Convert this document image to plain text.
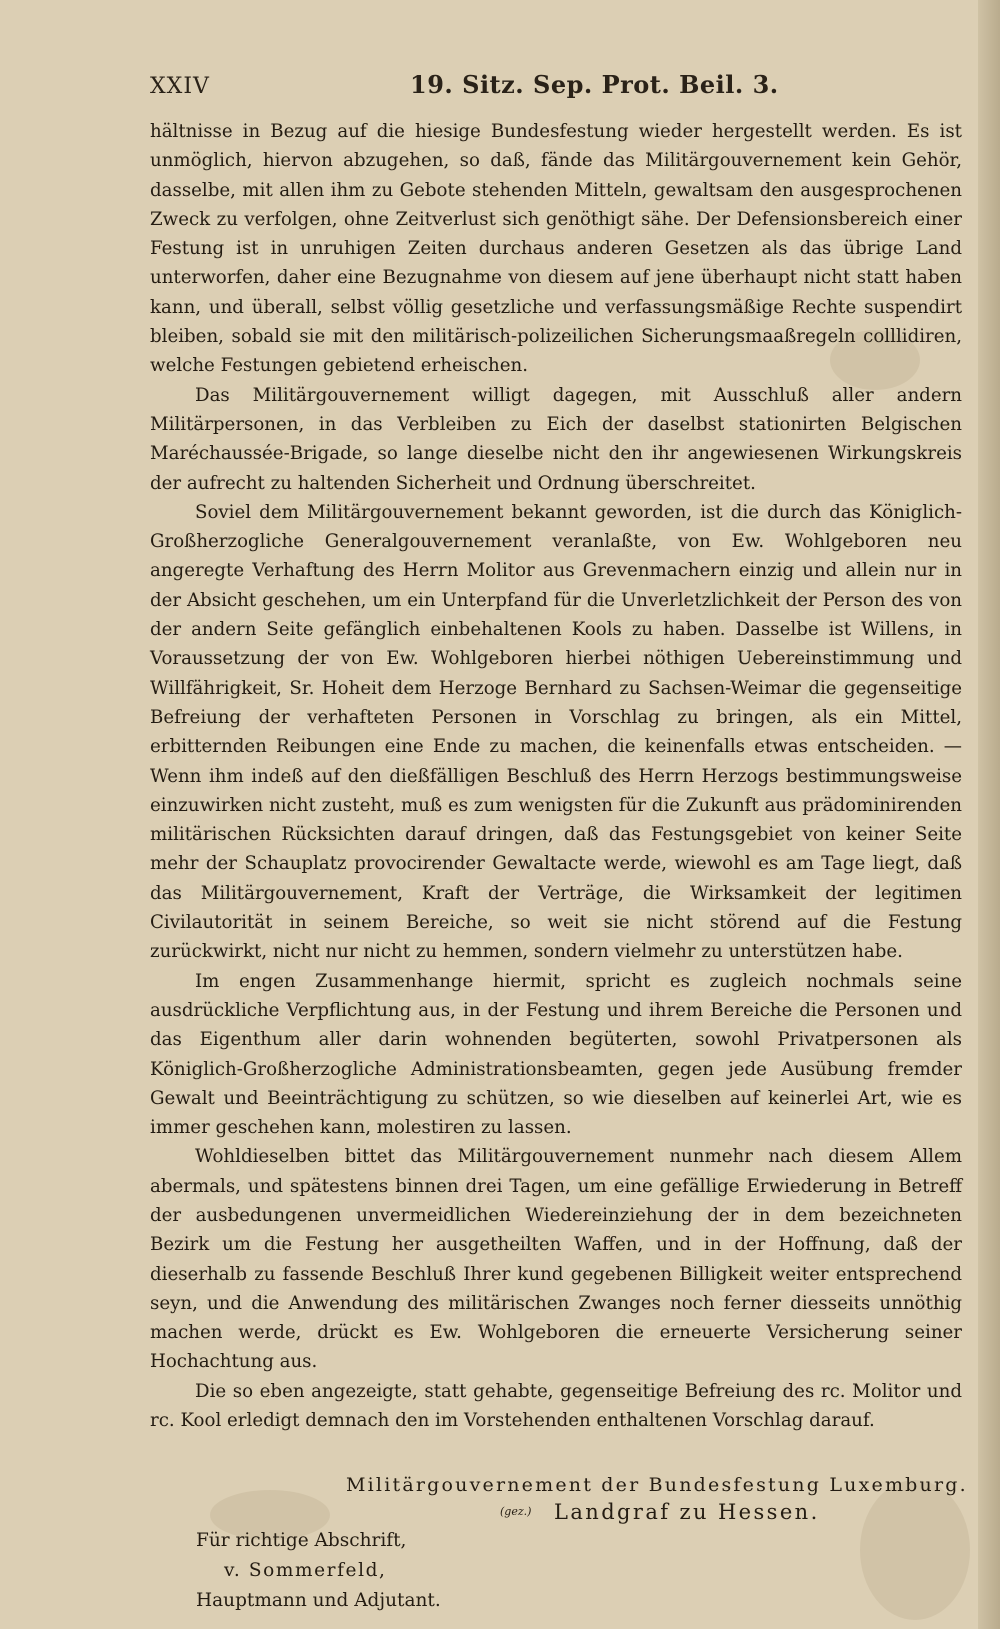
XXIV	19. Sitz. Sep. Prot. Beil. 3.

hältnisse in Bezug auf die hiesige Bundesfestung wieder hergestellt werden. Es ist unmöglich, hiervon abzugehen, so daß, fände das Militärgouvernement kein Gehör, dasselbe, mit allen ihm zu Gebote stehenden Mitteln, gewaltsam den ausgesprochenen Zweck zu verfolgen, ohne Zeitverlust sich genöthigt sähe. Der Defensionsbereich einer Festung ist in unruhigen Zeiten durchaus anderen Gesetzen als das übrige Land unterworfen, daher eine Bezugnahme von diesem auf jene überhaupt nicht statt haben kann, und überall, selbst völlig gesetzliche und verfassungsmäßige Rechte suspendirt bleiben, sobald sie mit den militärisch-polizeilichen Sicherungsmaaßregeln colllidiren, welche Festungen gebietend erheischen.

Das Militärgouvernement willigt dagegen, mit Ausschluß aller andern Militärpersonen, in das Verbleiben zu Eich der daselbst stationirten Belgischen Maréchaussée-Brigade, so lange dieselbe nicht den ihr angewiesenen Wirkungskreis der aufrecht zu haltenden Sicherheit und Ordnung überschreitet.

Soviel dem Militärgouvernement bekannt geworden, ist die durch das Königlich-Großherzogliche Generalgouvernement veranlaßte, von Ew. Wohlgeboren neu angeregte Verhaftung des Herrn Molitor aus Grevenmachern einzig und allein nur in der Absicht geschehen, um ein Unterpfand für die Unverletzlichkeit der Person des von der andern Seite gefänglich einbehaltenen Kools zu haben. Dasselbe ist Willens, in Voraussetzung der von Ew. Wohlgeboren hierbei nöthigen Uebereinstimmung und Willfährigkeit, Sr. Hoheit dem Herzoge Bernhard zu Sachsen-Weimar die gegenseitige Befreiung der verhafteten Personen in Vorschlag zu bringen, als ein Mittel, erbitternden Reibungen eine Ende zu machen, die keinenfalls etwas entscheiden. — Wenn ihm indeß auf den dießfälligen Beschluß des Herrn Herzogs bestimmungsweise einzuwirken nicht zusteht, muß es zum wenigsten für die Zukunft aus prädominirenden militärischen Rücksichten darauf dringen, daß das Festungsgebiet von keiner Seite mehr der Schauplatz provocirender Gewaltacte werde, wiewohl es am Tage liegt, daß das Militärgouvernement, Kraft der Verträge, die Wirksamkeit der legitimen Civilautorität in seinem Bereiche, so weit sie nicht störend auf die Festung zurückwirkt, nicht nur nicht zu hemmen, sondern vielmehr zu unterstützen habe.

Im engen Zusammenhange hiermit, spricht es zugleich nochmals seine ausdrückliche Verpflichtung aus, in der Festung und ihrem Bereiche die Personen und das Eigenthum aller darin wohnenden begüterten, sowohl Privatpersonen als Königlich-Großherzogliche Administrationsbeamten, gegen jede Ausübung fremder Gewalt und Beeinträchtigung zu schützen, so wie dieselben auf keinerlei Art, wie es immer geschehen kann, molestiren zu lassen.

Wohldieselben bittet das Militärgouvernement nunmehr nach diesem Allem abermals, und spätestens binnen drei Tagen, um eine gefällige Erwiederung in Betreff der ausbedungenen unvermeidlichen Wiedereinziehung der in dem bezeichneten Bezirk um die Festung her ausgetheilten Waffen, und in der Hoffnung, daß der dieserhalb zu fassende Beschluß Ihrer kund gegebenen Billigkeit weiter entsprechend seyn, und die Anwendung des militärischen Zwanges noch ferner diesseits unnöthig machen werde, drückt es Ew. Wohlgeboren die erneuerte Versicherung seiner Hochachtung aus.

Die so eben angezeigte, statt gehabte, gegenseitige Befreiung des rc. Molitor und rc. Kool erledigt demnach den im Vorstehenden enthaltenen Vorschlag darauf.

Militärgouvernement der Bundesfestung Luxemburg.
(gez.) Landgraf zu Hessen.
Für richtige Abschrift,
v. Sommerfeld,
Hauptmann und Adjutant.
